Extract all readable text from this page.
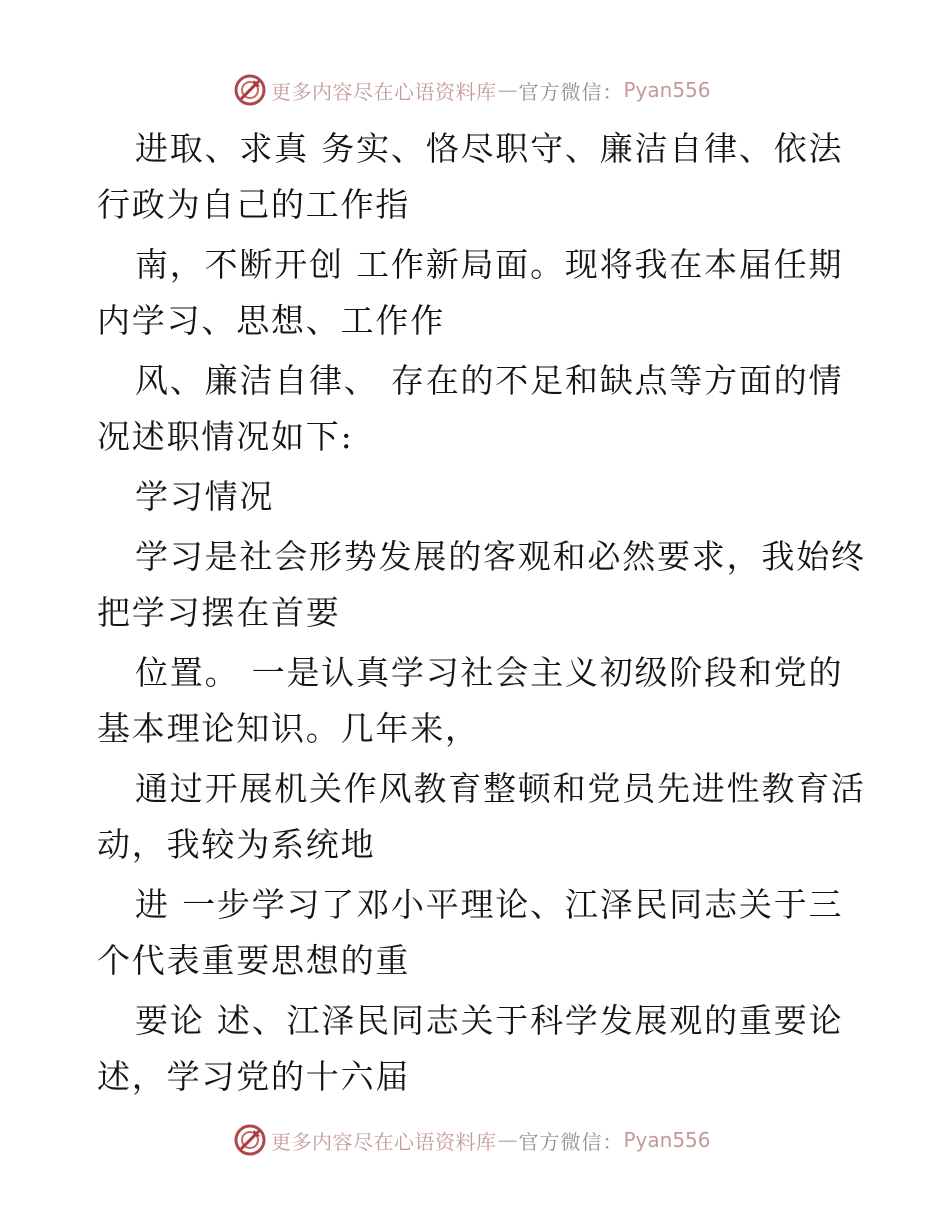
更多内容尽在心语资料库 — 官方微信： Pyan556
进取、求真 务实、恪尽职守、廉洁自律、依法
行政为自己的工作指
南，不断开创 工作新局面。现将我在本届任期
内学习、思想、工作作
风、廉洁自律、 存在的不足和缺点等方面的情
况述职情况如下:
学习情况
学习是社会形势发展的客观和必然要求，我始终
把学习摆在首要
位置。 一是认真学习社会主义初级阶段和党的
基本理论知识。几年来，
通过开展机关作风教育整顿和党员先进性教育活
动，我较为系统地
进 一步学习了邓小平理论、江泽民同志关于三
个代表重要思想的重
要论 述、江泽民同志关于科学发展观的重要论
述，学习党的十六届
更多内容尽在心语资料库 — 官方微信： Pyan556
